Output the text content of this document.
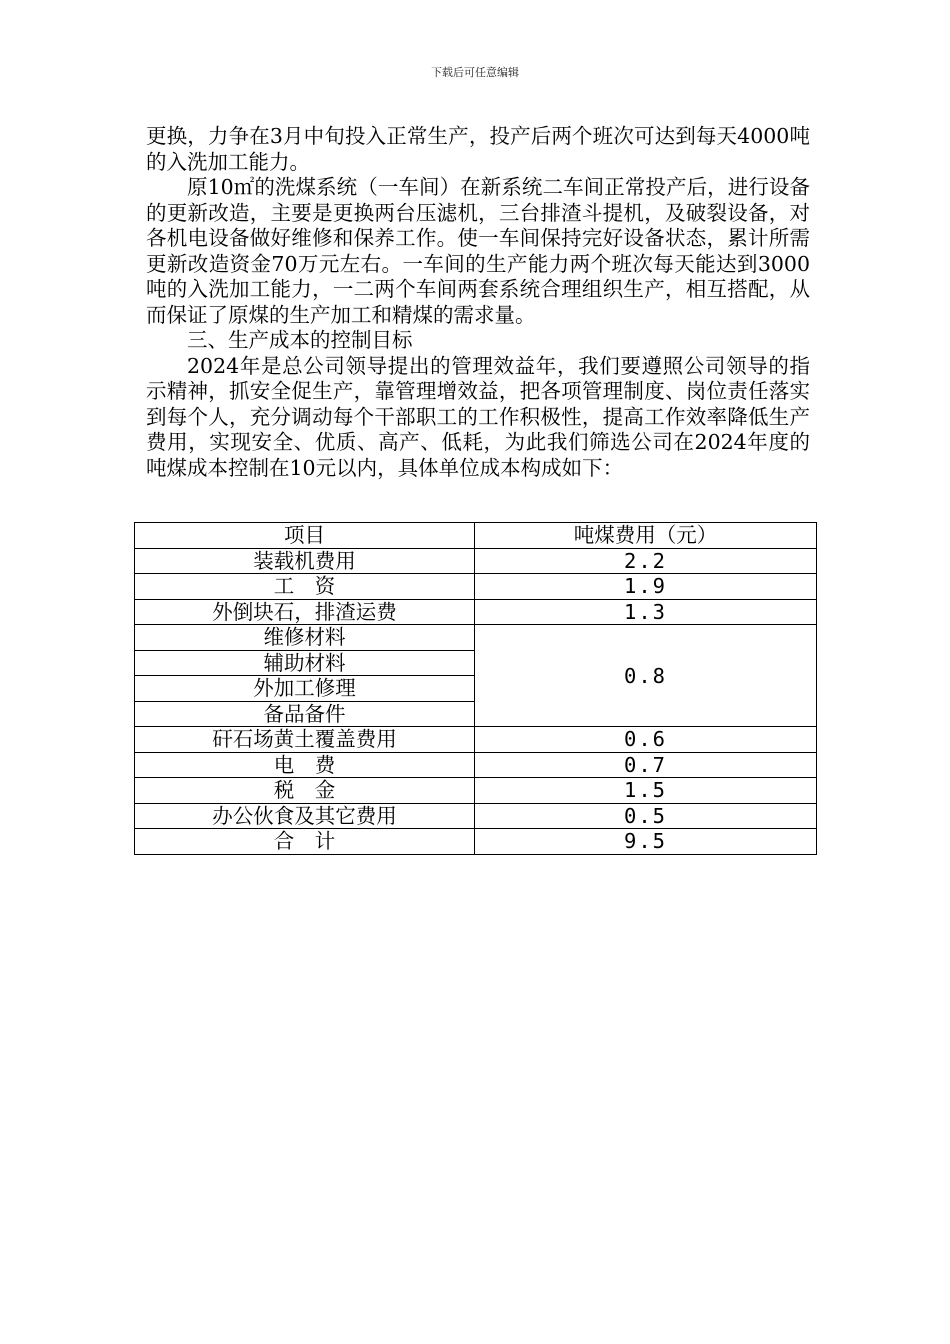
下载后可任意编辑

更换，力争在3月中旬投入正常生产，投产后两个班次可达到每天4000吨的入洗加工能力。

原10㎡的洗煤系统（一车间）在新系统二车间正常投产后，进行设备的更新改造，主要是更换两台压滤机，三台排渣斗提机，及破裂设备，对各机电设备做好维修和保养工作。使一车间保持完好设备状态，累计所需更新改造资金70万元左右。一车间的生产能力两个班次每天能达到3000吨的入洗加工能力，一二两个车间两套系统合理组织生产，相互搭配，从而保证了原煤的生产加工和精煤的需求量。

三、生产成本的控制目标

2024年是总公司领导提出的管理效益年，我们要遵照公司领导的指示精神，抓安全促生产，靠管理增效益，把各项管理制度、岗位责任落实到每个人，充分调动每个干部职工的工作积极性，提高工作效率降低生产费用，实现安全、优质、高产、低耗，为此我们筛选公司在2024年度的吨煤成本控制在10元以内，具体单位成本构成如下：

项目	吨煤费用（元）
装载机费用	2.2
工　资	1.9
外倒块石，排渣运费	1.3
维修材料	0.8
辅助材料	
外加工修理	
备品备件	
矸石场黄土覆盖费用	0.6
电　费	0.7
税　金	1.5
办公伙食及其它费用	0.5
合　计	9.5
